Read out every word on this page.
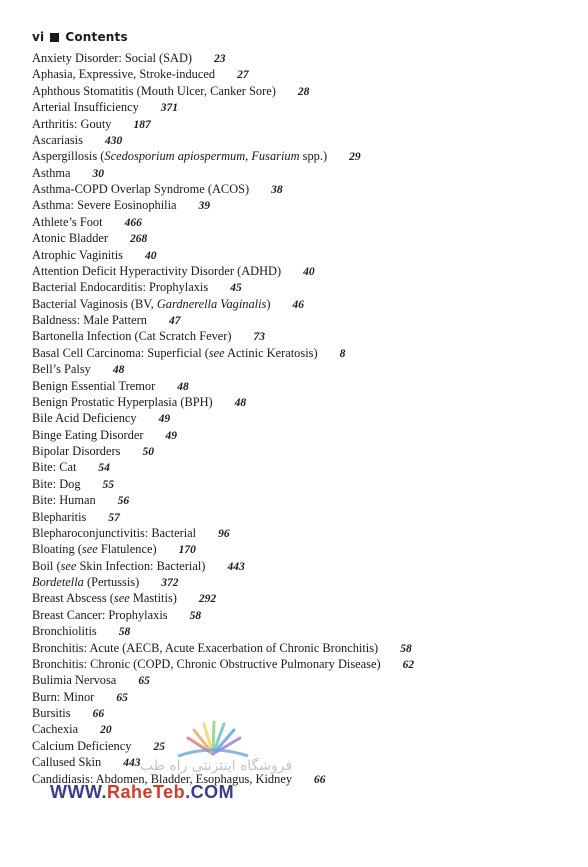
vi Contents
Anxiety Disorder: Social (SAD) 23
Aphasia, Expressive, Stroke-induced 27
Aphthous Stomatitis (Mouth Ulcer, Canker Sore) 28
Arterial Insufficiency 371
Arthritis: Gouty 187
Ascariasis 430
Aspergillosis (Scedosporium apiospermum, Fusarium spp.) 29
Asthma 30
Asthma-COPD Overlap Syndrome (ACOS) 38
Asthma: Severe Eosinophilia 39
Athlete’s Foot 466
Atonic Bladder 268
Atrophic Vaginitis 40
Attention Deficit Hyperactivity Disorder (ADHD) 40
Bacterial Endocarditis: Prophylaxis 45
Bacterial Vaginosis (BV, Gardnerella Vaginalis) 46
Baldness: Male Pattern 47
Bartonella Infection (Cat Scratch Fever) 73
Basal Cell Carcinoma: Superficial (see Actinic Keratosis) 8
Bell’s Palsy 48
Benign Essential Tremor 48
Benign Prostatic Hyperplasia (BPH) 48
Bile Acid Deficiency 49
Binge Eating Disorder 49
Bipolar Disorders 50
Bite: Cat 54
Bite: Dog 55
Bite: Human 56
Blepharitis 57
Blepharoconjunctivitis: Bacterial 96
Bloating (see Flatulence) 170
Boil (see Skin Infection: Bacterial) 443
Bordetella (Pertussis) 372
Breast Abscess (see Mastitis) 292
Breast Cancer: Prophylaxis 58
Bronchiolitis 58
Bronchitis: Acute (AECB, Acute Exacerbation of Chronic Bronchitis) 58
Bronchitis: Chronic (COPD, Chronic Obstructive Pulmonary Disease) 62
Bulimia Nervosa 65
Burn: Minor 65
Bursitis 66
Cachexia 20
Calcium Deficiency 25
Callused Skin 443
Candidiasis: Abdomen, Bladder, Esophagus, Kidney 66
فروشگاه اینترنتی راه طب
WWW.RaheTeb.COM
